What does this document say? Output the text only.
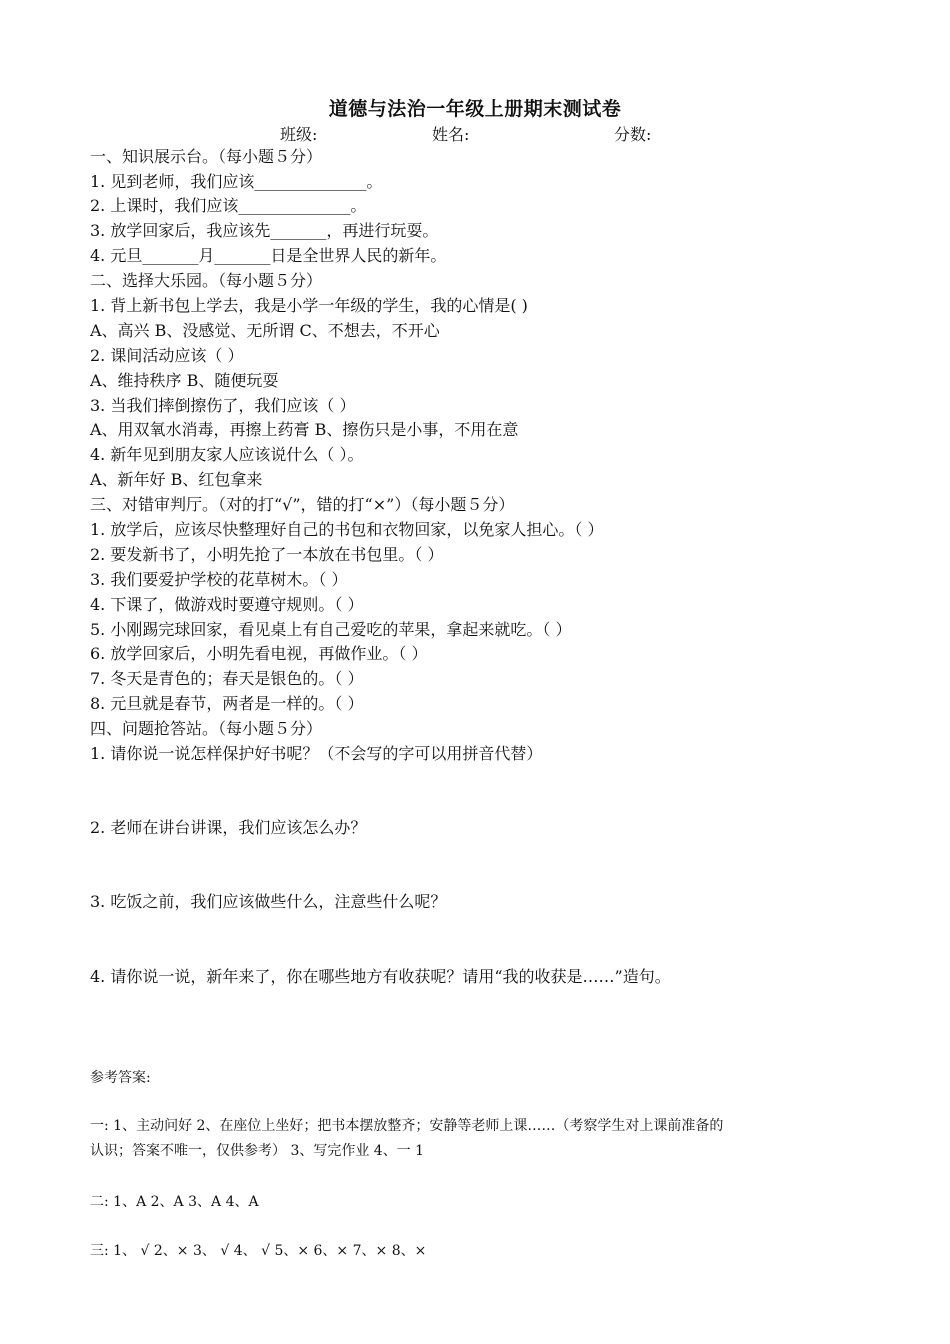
道德与法治一年级上册期末测试卷
班级:	姓名:	分数:
一、知识展示台。（每小题５分）
1. 见到老师，我们应该______________。
2. 上课时，我们应该______________。
3. 放学回家后，我应该先_______，再进行玩耍。
4. 元旦_______月_______日是全世界人民的新年。
二、选择大乐园。（每小题５分）
1. 背上新书包上学去，我是小学一年级的学生，我的心情是( )
A、高兴 B、没感觉、无所谓 C、不想去，不开心
2. 课间活动应该（ ）
A、维持秩序 B、随便玩耍
3. 当我们摔倒擦伤了，我们应该（ ）
A、用双氧水消毒，再擦上药膏 B、擦伤只是小事，不用在意
4. 新年见到朋友家人应该说什么（ ）。
A、新年好 B、红包拿来
三、对错审判厅。（对的打“√”，错的打“×”）（每小题５分）
1. 放学后，应该尽快整理好自己的书包和衣物回家，以免家人担心。（ ）
2. 要发新书了，小明先抢了一本放在书包里。（ ）
3. 我们要爱护学校的花草树木。（ ）
4. 下课了，做游戏时要遵守规则。（ ）
5. 小刚踢完球回家，看见桌上有自己爱吃的苹果，拿起来就吃。（ ）
6. 放学回家后，小明先看电视，再做作业。（ ）
7. 冬天是青色的；春天是银色的。（ ）
8. 元旦就是春节，两者是一样的。（ ）
四、问题抢答站。（每小题５分）
1. 请你说一说怎样保护好书呢？（不会写的字可以用拼音代替）
2. 老师在讲台讲课，我们应该怎么办？
3. 吃饭之前，我们应该做些什么，注意些什么呢？
4. 请你说一说，新年来了，你在哪些地方有收获呢？请用“我的收获是……”造句。
参考答案:
一: 1、主动问好 2、在座位上坐好；把书本摆放整齐；安静等老师上课……（考察学生对上课前准备的
认识；答案不唯一，仅供参考） 3、写完作业 4、一 1
二: 1、A 2、A 3、A 4、A
三: 1、 √ 2、× 3、 √ 4、 √ 5、× 6、× 7、× 8、×
